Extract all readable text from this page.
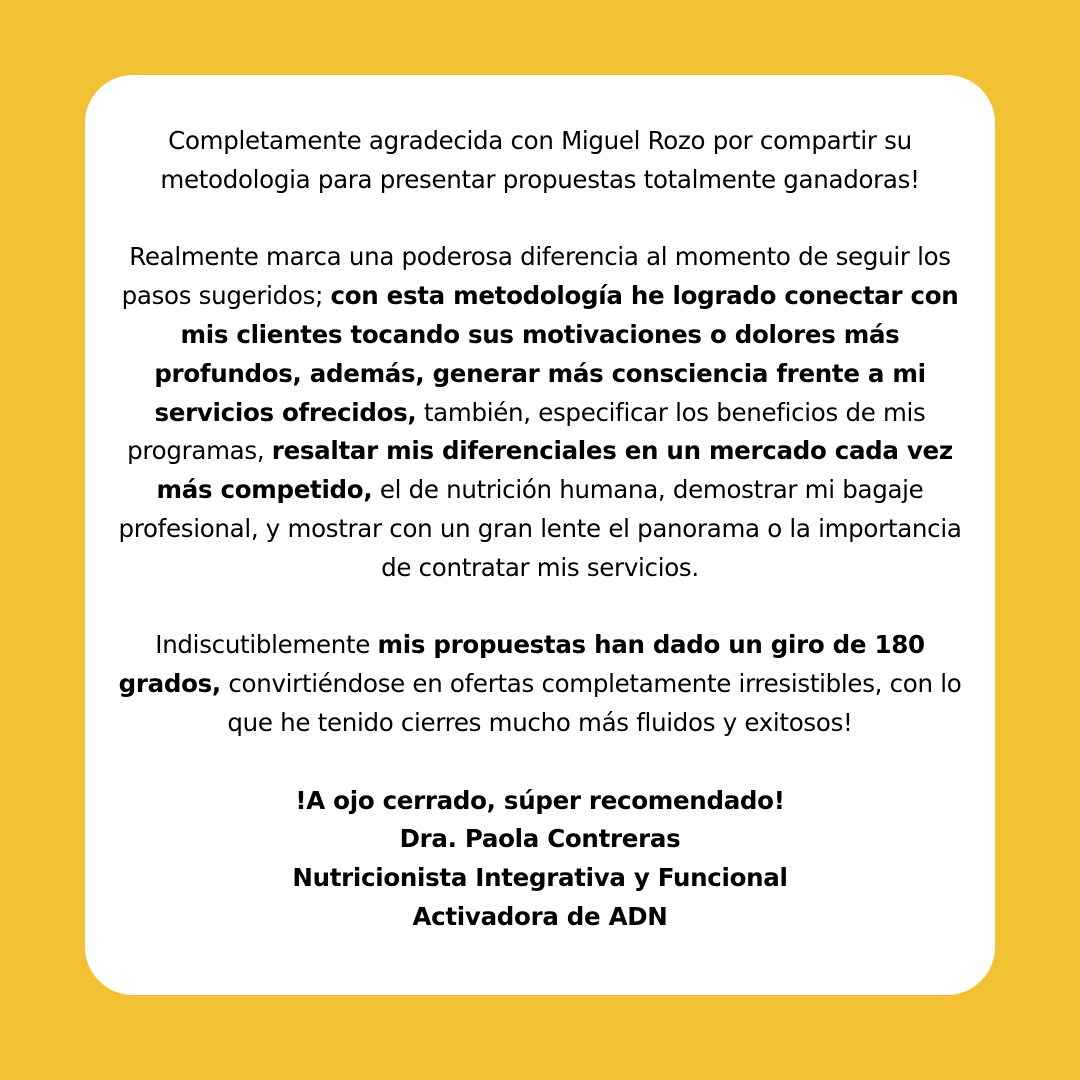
Completamente agradecida con Miguel Rozo por compartir su metodologia para presentar propuestas totalmente ganadoras!

Realmente marca una poderosa diferencia al momento de seguir los pasos sugeridos; con esta metodología he logrado conectar con mis clientes tocando sus motivaciones o dolores más profundos, además, generar más consciencia frente a mi servicios ofrecidos, también, especificar los beneficios de mis programas, resaltar mis diferenciales en un mercado cada vez más competido, el de nutrición humana, demostrar mi bagaje profesional, y mostrar con un gran lente el panorama o la importancia de contratar mis servicios.

Indiscutiblemente mis propuestas han dado un giro de 180 grados, convirtiéndose en ofertas completamente irresistibles, con lo que he tenido cierres mucho más fluidos y exitosos!

!A ojo cerrado, súper recomendado!
Dra. Paola Contreras
Nutricionista Integrativa y Funcional
Activadora de ADN
